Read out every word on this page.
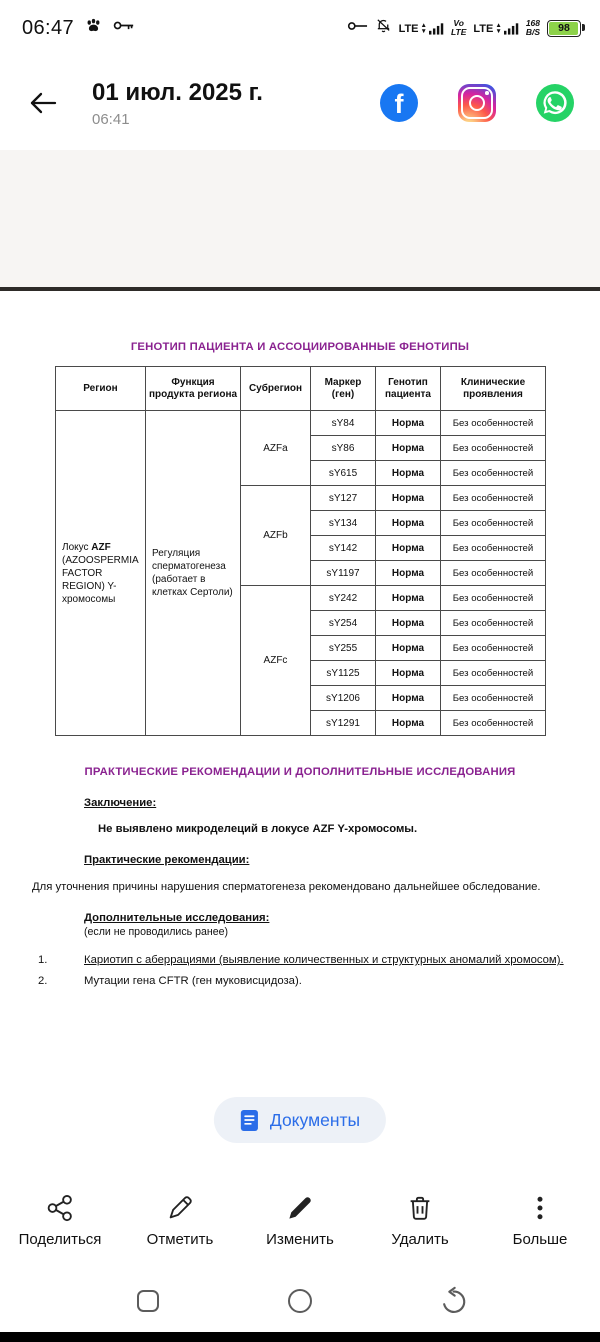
06:47	LTE ▲
▼
Vo
LTE LTE ▲
▼
168
B/S 98
01 июл. 2025 г.
06:41	f
ГЕНОТИП ПАЦИЕНТА И АССОЦИИРОВАННЫЕ ФЕНОТИПЫ
Регион	Функция продукта региона	Субрегион	Маркер (ген)	Генотип пациента	Клинические проявления
Локус AZF (AZOOSPERMIA FACTOR REGION) Y-хромосомы	Регуляция сперматогенеза (работает в клетках Сертоли)	AZFa	sY84	Норма	Без особенностей
			sY86	Норма	Без особенностей
			sY615	Норма	Без особенностей
		AZFb	sY127	Норма	Без особенностей
			sY134	Норма	Без особенностей
			sY142	Норма	Без особенностей
			sY1197	Норма	Без особенностей
		AZFc	sY242	Норма	Без особенностей
			sY254	Норма	Без особенностей
			sY255	Норма	Без особенностей
			sY1125	Норма	Без особенностей
			sY1206	Норма	Без особенностей
			sY1291	Норма	Без особенностей
ПРАКТИЧЕСКИЕ РЕКОМЕНДАЦИИ И ДОПОЛНИТЕЛЬНЫЕ ИССЛЕДОВАНИЯ
Заключение:
Не выявлено микроделеций в локусе AZF Y-хромосомы.
Практические рекомендации:

Для уточнения причины нарушения сперматогенеза рекомендовано дальнейшее обследование.

Дополнительные исследования:
(если не проводились ранее)
1.	Кариотип с аберрациями (выявление количественных и структурных аномалий хромосом).
2.	Мутации гена CFTR (ген муковисцидоза).
Документы
Поделиться	Отметить	Изменить	Удалить	Больше
